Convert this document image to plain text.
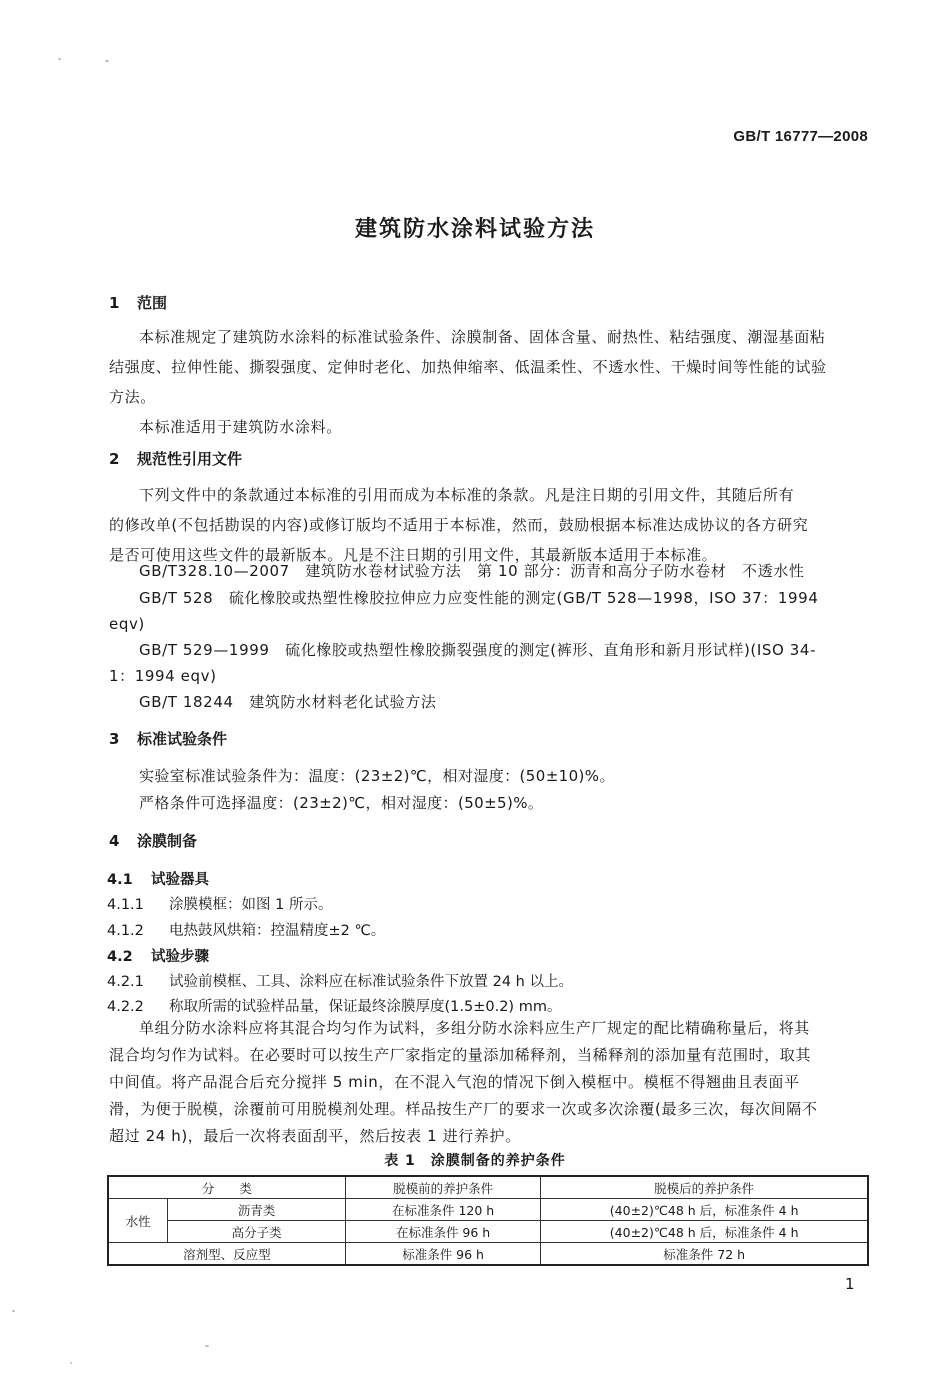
GB/T 16777—2008
建筑防水涂料试验方法
1 范围
本标准规定了建筑防水涂料的标准试验条件、涂膜制备、固体含量、耐热性、粘结强度、潮湿基面粘
结强度、拉伸性能、撕裂强度、定伸时老化、加热伸缩率、低温柔性、不透水性、干燥时间等性能的试验
方法。
本标准适用于建筑防水涂料。
2 规范性引用文件
下列文件中的条款通过本标准的引用而成为本标准的条款。凡是注日期的引用文件，其随后所有
的修改单(不包括勘误的内容)或修订版均不适用于本标准，然而，鼓励根据本标准达成协议的各方研究
是否可使用这些文件的最新版本。凡是不注日期的引用文件，其最新版本适用于本标准。
GB/T328.10—2007　建筑防水卷材试验方法　第 10 部分：沥青和高分子防水卷材　不透水性
GB/T 528　硫化橡胶或热塑性橡胶拉伸应力应变性能的测定(GB/T 528—1998，ISO 37：1994
eqv)
GB/T 529—1999　硫化橡胶或热塑性橡胶撕裂强度的测定(裤形、直角形和新月形试样)(ISO 34-
1：1994 eqv)
GB/T 18244　建筑防水材料老化试验方法
3 标准试验条件
实验室标准试验条件为：温度：(23±2)℃，相对湿度：(50±10)%。
严格条件可选择温度：(23±2)℃，相对湿度：(50±5)%。
4 涂膜制备
4.1 试验器具
4.1.1 涂膜模框：如图 1 所示。
4.1.2 电热鼓风烘箱：控温精度±2 ℃。
4.2 试验步骤
4.2.1 试验前模框、工具、涂料应在标准试验条件下放置 24 h 以上。
4.2.2 称取所需的试验样品量，保证最终涂膜厚度(1.5±0.2) mm。
单组分防水涂料应将其混合均匀作为试料，多组分防水涂料应生产厂规定的配比精确称量后，将其
混合均匀作为试料。在必要时可以按生产厂家指定的量添加稀释剂，当稀释剂的添加量有范围时，取其
中间值。将产品混合后充分搅拌 5 min，在不混入气泡的情况下倒入模框中。模框不得翘曲且表面平
滑，为便于脱模，涂覆前可用脱模剂处理。样品按生产厂的要求一次或多次涂覆(最多三次，每次间隔不
超过 24 h)，最后一次将表面刮平，然后按表 1 进行养护。
表 1　涂膜制备的养护条件
分　　类		脱模前的养护条件	脱模后的养护条件
水性	沥青类	在标准条件 120 h	(40±2)℃48 h 后，标准条件 4 h
	高分子类	在标准条件 96 h	(40±2)℃48 h 后，标准条件 4 h
溶剂型、反应型		标准条件 96 h	标准条件 72 h
1
